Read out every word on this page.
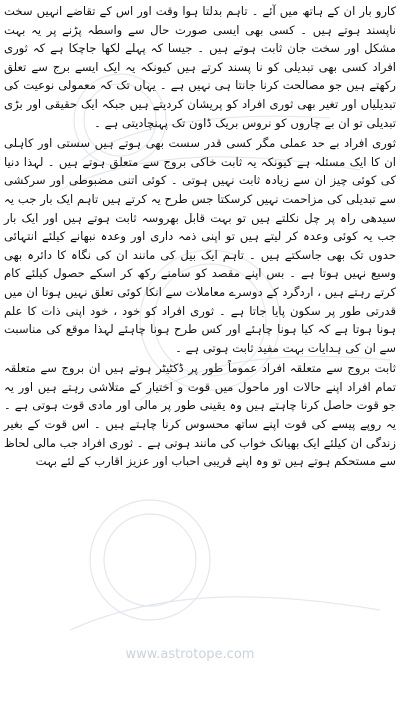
www.astrotope.com

کارو بار ان کے ہاتھ میں آئے ۔ تاہم بدلتا ہوا وقت اور اس کے تقاضے انہیں سخت ناپسند ہوتے ہیں ۔ کسی بھی ایسی صورت حال سے واسطہ پڑنے پر یہ بہت مشکل اور سخت جان ثابت ہوتے ہیں ۔ جیسا کہ پہلے لکھا جاچکا ہے کہ ثوری افراد کسی بھی تبدیلی کو نا پسند کرتے ہیں کیونکہ یہ ایک ایسے برج سے تعلق رکھتے ہیں جو مصالحت کرنا جانتا ہی نہیں ہے ۔ یہاں تک کہ معمولی نوعیت کی تبدیلیاں اور تغیر بھی ثوری افراد کو پریشان کردیتے ہیں جبکہ ایک حقیقی اور بڑی تبدیلی تو ان بے چاروں کو نروس بریک ڈاون تک پہنچادیتی ہے ۔

ثوری افراد بے حد عملی مگر کسی قدر سست بھی ہوتے ہیں سستی اور کاہلی ان کا ایک مسئلہ ہے کیونکہ یہ ثابت خاکی بروج سے متعلق ہوتے ہیں ۔ لہذا دنیا کی کوئی چیز ان سے زیادہ ثابت نہیں ہوتی ۔ کوئی اتنی مضبوطی اور سرکشی سے تبدیلی کی مزاحمت نہیں کرسکتا جس طرح یہ کرتے ہیں تاہم ایک بار جب یہ سیدھی راہ پر چل نکلتے ہیں تو بہت قابل بھروسہ ثابت ہوتے ہیں اور ایک بار جب یہ کوئی وعدہ کر لیتے ہیں تو اپنی ذمہ داری اور وعدہ نبھانے کیلئے انتہائی حدوں تک بھی جاسکتے ہیں ۔ تاہم ایک بیل کی مانند ان کی نگاہ کا دائرہ بھی وسیع نہیں ہوتا ہے ۔ بس اپنے مقصد کو سامنے رکھ کر اسکے حصول کیلئے کام کرتے رہتے ہیں ، اردگرد کے دوسرے معاملات سے انکا کوئی تعلق نہیں ہوتا ان میں قدرتی طور پر سکون پایا جاتا ہے ۔ ثوری افراد کو خود ، خود اپنی ذات کا علم ہونا ہوتا ہے کہ کیا ہونا چاہئے اور کس طرح ہونا چاہئے لہذا موقع کی مناسبت سے ان کی ہدایات بہت مفید ثابت ہوتی ہے ۔

ثابت بروج سے متعلقہ افراد عموماً طور پر ڈکٹیٹر ہوتے ہیں ان بروج سے متعلقہ تمام افراد اپنے حالات اور ماحول میں قوت و اختیار کے متلاشی رہتے ہیں اور یہ جو قوت حاصل کرنا چاہتے ہیں وہ یقینی طور پر مالی اور مادی قوت ہوتی ہے ۔ یہ روپے پیسے کی قوت اپنے ساتھ محسوس کرنا چاہتے ہیں ۔ اس قوت کے بغیر زندگی ان کیلئے ایک بھیانک خواب کی مانند ہوتی ہے ۔ ثوری افراد جب مالی لحاظ سے مستحکم ہوتے ہیں تو وہ اپنے قریبی احباب اور عزیز اقارب کے لئے بہت
